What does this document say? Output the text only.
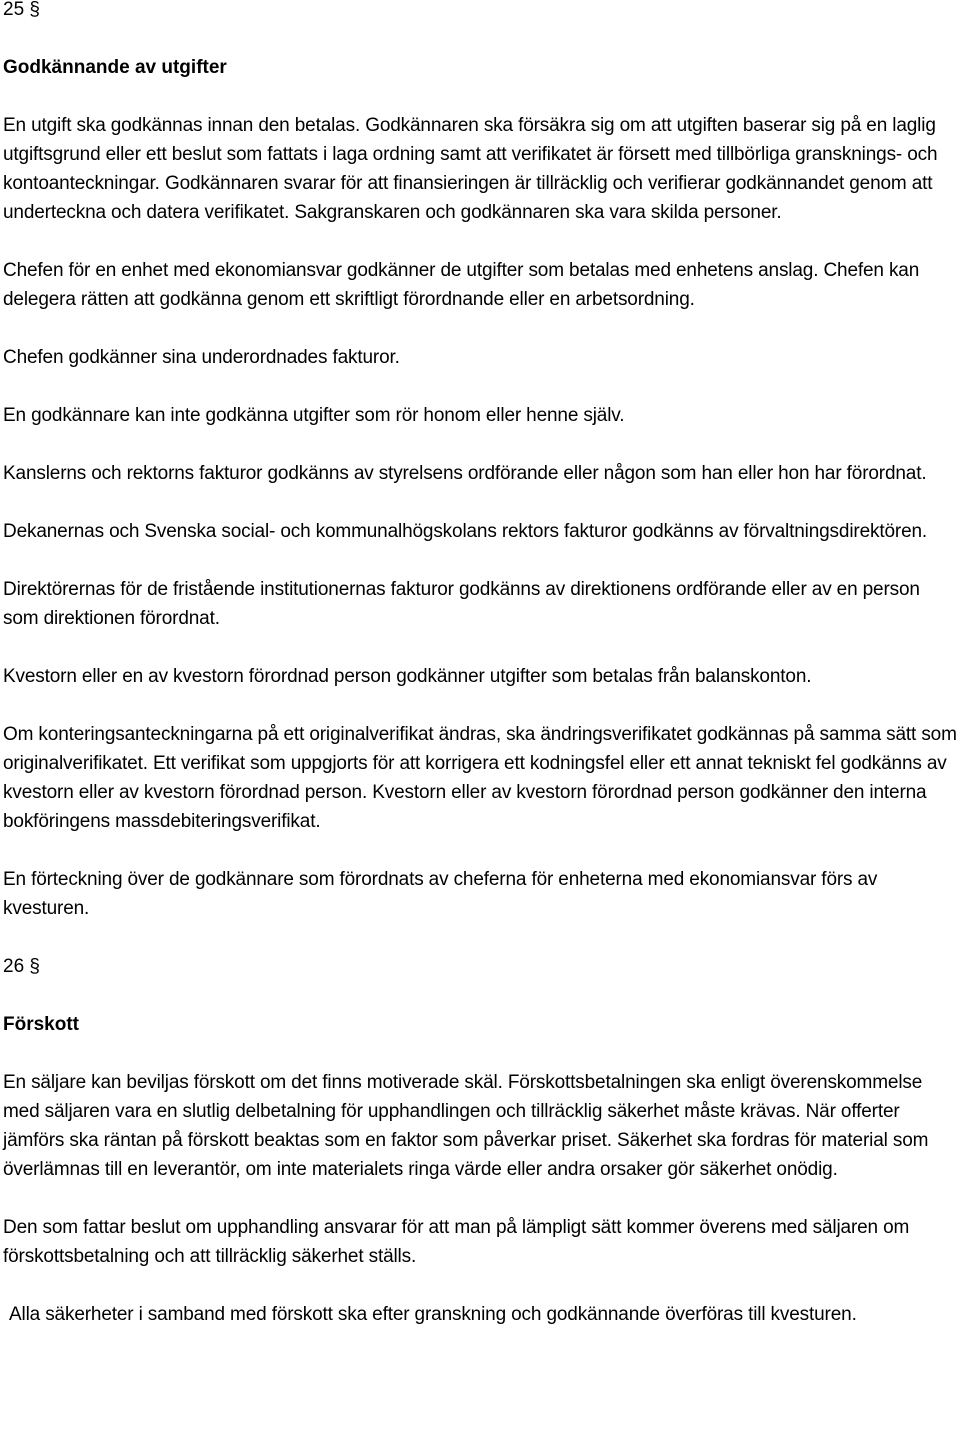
25 §

Godkännande av utgifter

En utgift ska godkännas innan den betalas. Godkännaren ska försäkra sig om att utgiften baserar sig på en laglig utgiftsgrund eller ett beslut som fattats i laga ordning samt att verifikatet är försett med tillbörliga gransknings- och kontoanteckningar. Godkännaren svarar för att finansieringen är tillräcklig och verifierar godkännandet genom att underteckna och datera verifikatet. Sakgranskaren och godkännaren ska vara skilda personer.

Chefen för en enhet med ekonomiansvar godkänner de utgifter som betalas med enhetens anslag. Chefen kan delegera rätten att godkänna genom ett skriftligt förordnande eller en arbetsordning.

Chefen godkänner sina underordnades fakturor.

En godkännare kan inte godkänna utgifter som rör honom eller henne själv.

Kanslerns och rektorns fakturor godkänns av styrelsens ordförande eller någon som han eller hon har förordnat.

Dekanernas och Svenska social- och kommunalhögskolans rektors fakturor godkänns av förvaltningsdirektören.

Direktörernas för de fristående institutionernas fakturor godkänns av direktionens ordförande eller av en person som direktionen förordnat.

Kvestorn eller en av kvestorn förordnad person godkänner utgifter som betalas från balanskonton.

Om konteringsanteckningarna på ett originalverifikat ändras, ska ändringsverifikatet godkännas på samma sätt som originalverifikatet. Ett verifikat som uppgjorts för att korrigera ett kodningsfel eller ett annat tekniskt fel godkänns av kvestorn eller av kvestorn förordnad person. Kvestorn eller av kvestorn förordnad person godkänner den interna bokföringens massdebiteringsverifikat.

En förteckning över de godkännare som förordnats av cheferna för enheterna med ekonomiansvar förs av kvesturen.

26 §

Förskott

En säljare kan beviljas förskott om det finns motiverade skäl. Förskottsbetalningen ska enligt överenskommelse med säljaren vara en slutlig delbetalning för upphandlingen och tillräcklig säkerhet måste krävas. När offerter jämförs ska räntan på förskott beaktas som en faktor som påverkar priset. Säkerhet ska fordras för material som överlämnas till en leverantör, om inte materialets ringa värde eller andra orsaker gör säkerhet onödig.

Den som fattar beslut om upphandling ansvarar för att man på lämpligt sätt kommer överens med säljaren om förskottsbetalning och att tillräcklig säkerhet ställs.

Alla säkerheter i samband med förskott ska efter granskning och godkännande överföras till kvesturen.
